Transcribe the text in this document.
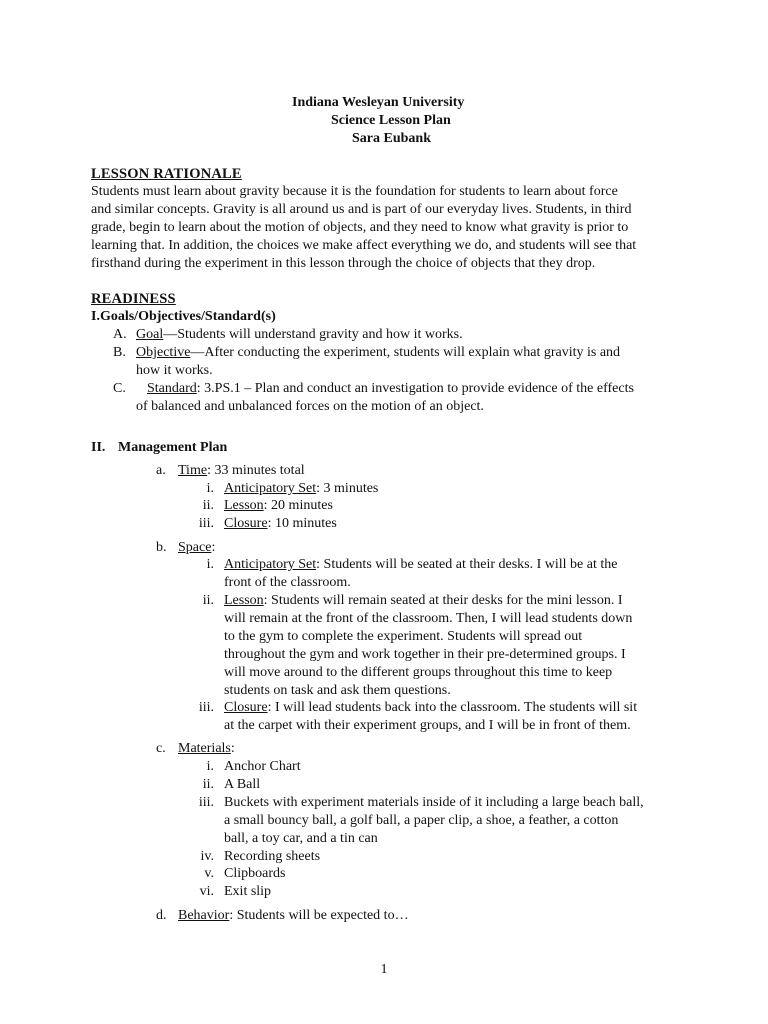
Indiana Wesleyan University
Science Lesson Plan
Sara Eubank
LESSON RATIONALE
Students must learn about gravity because it is the foundation for students to learn about force
and similar concepts. Gravity is all around us and is part of our everyday lives. Students, in third
grade, begin to learn about the motion of objects, and they need to know what gravity is prior to
learning that. In addition, the choices we make affect everything we do, and students will see that
firsthand during the experiment in this lesson through the choice of objects that they drop.
READINESS
I.Goals/Objectives/Standard(s)
A. Goal—Students will understand gravity and how it works.
B. Objective—After conducting the experiment, students will explain what gravity is and
how it works.
C. Standard: 3.PS.1 – Plan and conduct an investigation to provide evidence of the effects
of balanced and unbalanced forces on the motion of an object.
II. Management Plan
a. Time: 33 minutes total
i. Anticipatory Set: 3 minutes
ii. Lesson: 20 minutes
iii. Closure: 10 minutes
b. Space:
i. Anticipatory Set: Students will be seated at their desks. I will be at the
front of the classroom.
ii. Lesson: Students will remain seated at their desks for the mini lesson. I
will remain at the front of the classroom. Then, I will lead students down
to the gym to complete the experiment. Students will spread out
throughout the gym and work together in their pre-determined groups. I
will move around to the different groups throughout this time to keep
students on task and ask them questions.
iii. Closure: I will lead students back into the classroom. The students will sit
at the carpet with their experiment groups, and I will be in front of them.
c. Materials:
i. Anchor Chart
ii. A Ball
iii. Buckets with experiment materials inside of it including a large beach ball,
a small bouncy ball, a golf ball, a paper clip, a shoe, a feather, a cotton
ball, a toy car, and a tin can
iv. Recording sheets
v. Clipboards
vi. Exit slip
d. Behavior: Students will be expected to…
1
